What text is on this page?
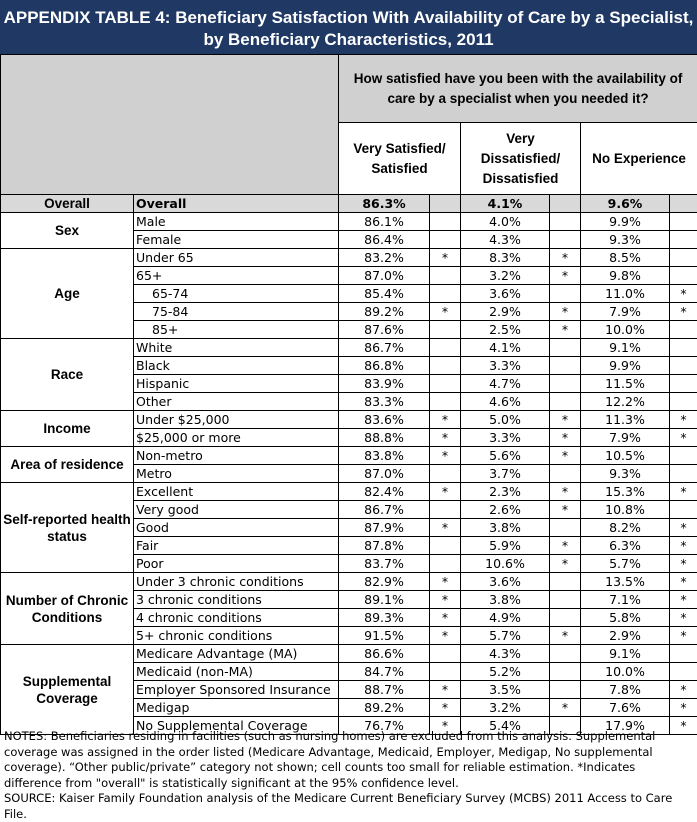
APPENDIX TABLE 4: Beneficiary Satisfaction With Availability of Care by a Specialist,
by Beneficiary Characteristics, 2011
		How satisfied have you been with the availability of care by a specialist when you needed it?					
		Very Satisfied/ Satisfied		Very Dissatisfied/ Dissatisfied		No Experience	
Overall	Overall	86.3%		4.1%		9.6%	
Sex	Male	86.1%		4.0%		9.9%	
	Female	86.4%		4.3%		9.3%	
Age	Under 65	83.2%	*	8.3%	*	8.5%	
	65+	87.0%		3.2%	*	9.8%	
	65-74	85.4%		3.6%		11.0%	*
	75-84	89.2%	*	2.9%	*	7.9%	*
	85+	87.6%		2.5%	*	10.0%	
Race	White	86.7%		4.1%		9.1%	
	Black	86.8%		3.3%		9.9%	
	Hispanic	83.9%		4.7%		11.5%	
	Other	83.3%		4.6%		12.2%	
Income	Under $25,000	83.6%	*	5.0%	*	11.3%	*
	$25,000 or more	88.8%	*	3.3%	*	7.9%	*
Area of residence	Non-metro	83.8%	*	5.6%	*	10.5%	
	Metro	87.0%		3.7%		9.3%	
Self-reported health status	Excellent	82.4%	*	2.3%	*	15.3%	*
	Very good	86.7%		2.6%	*	10.8%	
	Good	87.9%	*	3.8%		8.2%	*
	Fair	87.8%		5.9%	*	6.3%	*
	Poor	83.7%		10.6%	*	5.7%	*
Number of Chronic Conditions	Under 3 chronic conditions	82.9%	*	3.6%		13.5%	*
	3 chronic conditions	89.1%	*	3.8%		7.1%	*
	4 chronic conditions	89.3%	*	4.9%		5.8%	*
	5+ chronic conditions	91.5%	*	5.7%	*	2.9%	*
Supplemental Coverage	Medicare Advantage (MA)	86.6%		4.3%		9.1%	
	Medicaid (non-MA)	84.7%		5.2%		10.0%	
	Employer Sponsored Insurance	88.7%	*	3.5%		7.8%	*
	Medigap	89.2%	*	3.2%	*	7.6%	*
	No Supplemental Coverage	76.7%	*	5.4%		17.9%	*
NOTES: Beneficiaries residing in facilities (such as nursing homes) are excluded from this analysis. Supplemental coverage was assigned in the order listed (Medicare Advantage, Medicaid, Employer, Medigap, No supplemental coverage). “Other public/private” category not shown; cell counts too small for reliable estimation. *Indicates difference from "overall" is statistically significant at the 95% confidence level.
SOURCE: Kaiser Family Foundation analysis of the Medicare Current Beneficiary Survey (MCBS) 2011 Access to Care File.
